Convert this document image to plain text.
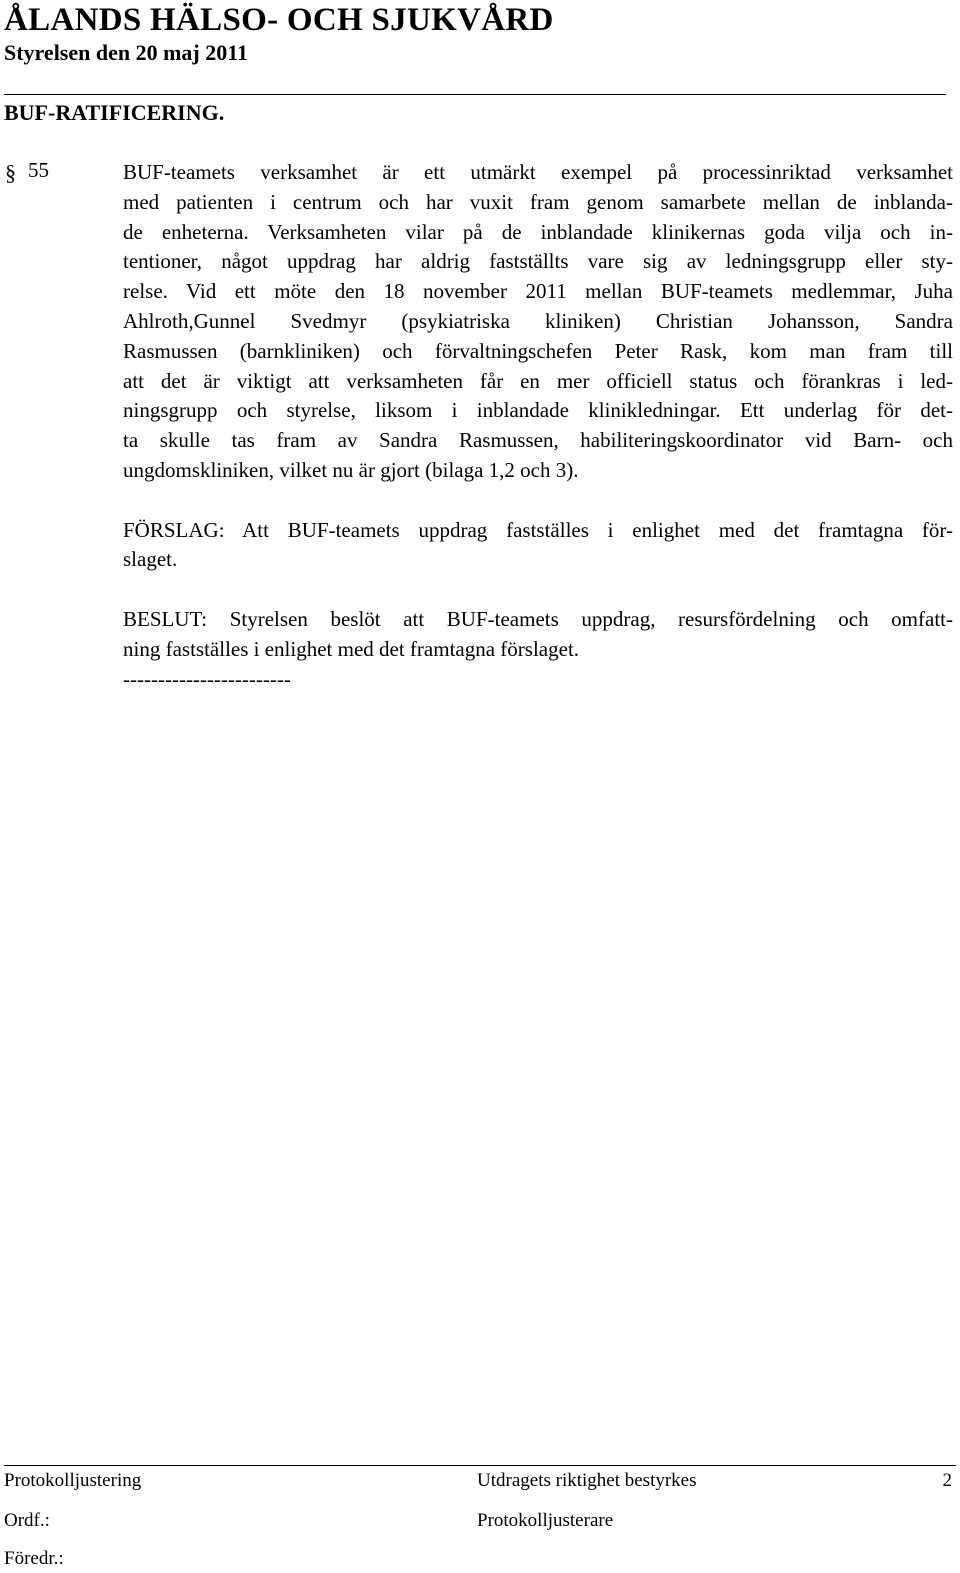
ÅLANDS HÄLSO- OCH SJUKVÅRD
Styrelsen den 20 maj 2011
BUF-RATIFICERING.
§ 55	BUF-teamets verksamhet är ett utmärkt exempel på processinriktad verksamhet
med patienten i centrum och har vuxit fram genom samarbete mellan de inblanda-
de enheterna. Verksamheten vilar på de inblandade klinikernas goda vilja och in-
tentioner, något uppdrag har aldrig fastställts vare sig av ledningsgrupp eller sty-
relse. Vid ett möte den 18 november 2011 mellan BUF-teamets medlemmar, Juha
Ahlroth,Gunnel Svedmyr (psykiatriska kliniken) Christian Johansson, Sandra
Rasmussen (barnkliniken) och förvaltningschefen Peter Rask, kom man fram till
att det är viktigt att verksamheten får en mer officiell status och förankras i led-
ningsgrupp och styrelse, liksom i inblandade klinikledningar. Ett underlag för det-
ta skulle tas fram av Sandra Rasmussen, habiliteringskoordinator vid Barn- och
ungdomskliniken, vilket nu är gjort (bilaga 1,2 och 3).
FÖRSLAG: Att BUF-teamets uppdrag fastställes i enlighet med det framtagna för-
slaget.
BESLUT: Styrelsen beslöt att BUF-teamets uppdrag, resursfördelning och omfatt-
ning fastställes i enlighet med det framtagna förslaget.
------------------------
Protokolljustering	Utdragets riktighet bestyrkes	2
Ordf.:	Protokolljusterare
Föredr.:
